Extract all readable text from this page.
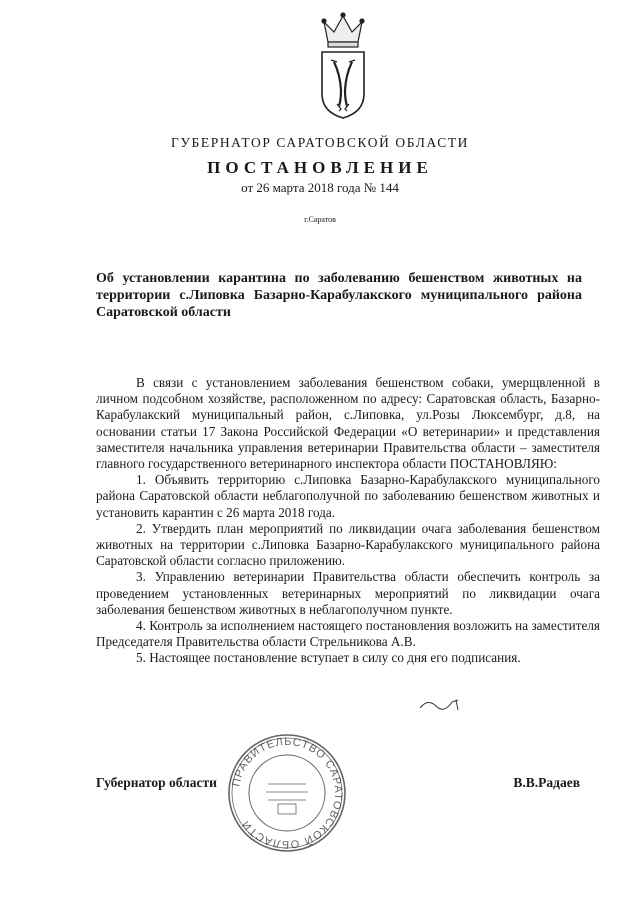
ГУБЕРНАТОР САРАТОВСКОЙ ОБЛАСТИ
ПОСТАНОВЛЕНИЕ
от 26 марта 2018 года № 144
г.Саратов
Об установлении карантина по заболеванию бешенством животных на территории с.Липовка Базарно-Карабулакского муниципального района Саратовской области

В связи с установлением заболевания бешенством собаки, умерщвленной в личном подсобном хозяйстве, расположенном по адресу: Саратовская область, Базарно-Карабулакский муниципальный район, с.Липовка, ул.Розы Люксембург, д.8, на основании статьи 17 Закона Российской Федерации «О ветеринарии» и представления заместителя начальника управления ветеринарии Правительства области – заместителя главного государственного ветеринарного инспектора области ПОСТАНОВЛЯЮ:

1. Объявить территорию с.Липовка Базарно-Карабулакского муниципального района Саратовской области неблагополучной по заболеванию бешенством животных и установить карантин с 26 марта 2018 года.

2. Утвердить план мероприятий по ликвидации очага заболевания бешенством животных на территории с.Липовка Базарно-Карабулакского муниципального района Саратовской области согласно приложению.

3. Управлению ветеринарии Правительства области обеспечить контроль за проведением установленных ветеринарных мероприятий по ликвидации очага заболевания бешенством животных в неблагополучном пункте.

4. Контроль за исполнением настоящего постановления возложить на заместителя Председателя Правительства области Стрельникова А.В.

5. Настоящее постановление вступает в силу со дня его подписания.

Губернатор области	В.В.Радаев
ПРАВИТЕЛЬСТВО САРАТОВСКОЙ ОБЛАСТИ
